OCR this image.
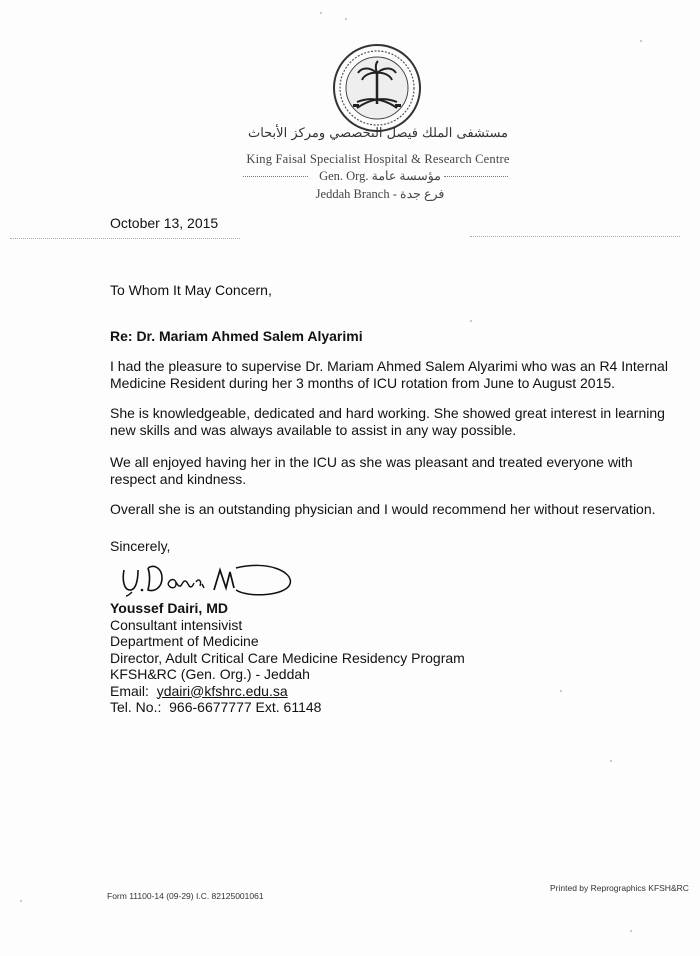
مستشفى الملك فيصل التخصصي ومركز الأبحاث
King Faisal Specialist Hospital & Research Centre
Gen. Org. مؤسسة عامة
Jeddah Branch - فرع جدة
October 13, 2015
To Whom It May Concern,
Re: Dr. Mariam Ahmed Salem Alyarimi
I had the pleasure to supervise Dr. Mariam Ahmed Salem Alyarimi who was an R4 Internal Medicine Resident during her 3 months of ICU rotation from June to August 2015.
She is knowledgeable, dedicated and hard working. She showed great interest in learning new skills and was always available to assist in any way possible.
We all enjoyed having her in the ICU as she was pleasant and treated everyone with respect and kindness.
Overall she is an outstanding physician and I would recommend her without reservation.
Sincerely,
Youssef Dairi, MD
Consultant intensivist
Department of Medicine
Director, Adult Critical Care Medicine Residency Program
KFSH&RC (Gen. Org.) - Jeddah
Email: ydairi@kfshrc.edu.sa
Tel. No.: 966-6677777 Ext. 61148
Form 11100-14 (09-29) I.C. 82125001061
Printed by Reprographics KFSH&RC
